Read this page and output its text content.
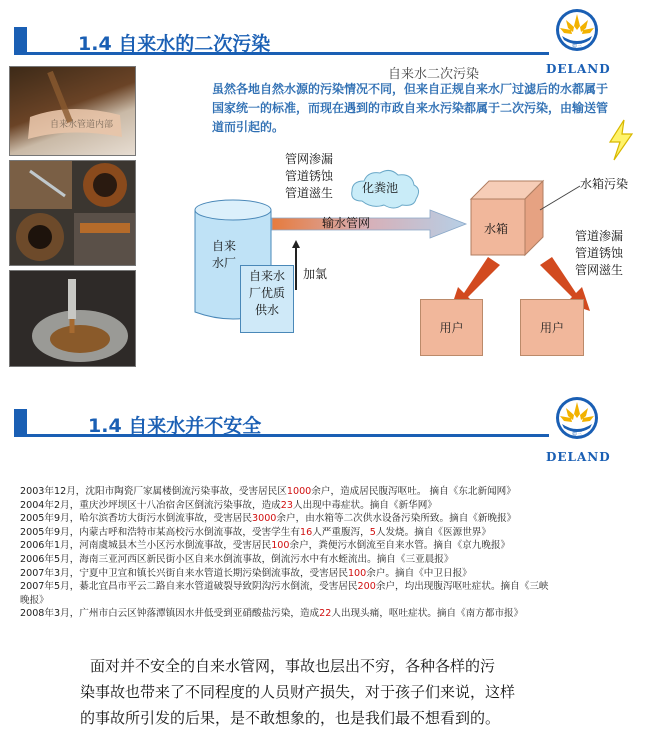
1.4 自来水的二次污染	德兰
DELAND
自来水管道内部
自来水二次污染
虽然各地自然水源的污染情况不同，但来自正规自来水厂过滤后的水都属于国家统一的标准，而现在遇到的市政自来水污染都属于二次污染，由输送管道而引起的。
管网渗漏
管道锈蚀
管道滋生 化粪池
自来
水厂
自来水
厂优质
供水
输水管网
加氯
水箱
水箱污染
管道渗漏
管道锈蚀
管网滋生
用户	用户
1.4 自来水并不安全	德兰
DELAND
2003年12月，沈阳市陶瓷厂家属楼倒流污染事故，受害居民区1000余户，造成居民腹泻呕吐。 摘自《东北新闻网》
2004年2月，重庆沙坪坝区十八冶宿舍区倒流污染事故，造成23人出现中毒症状。摘自《新华网》
2005年9月，哈尔滨香坊大街污水倒流事故，受害居民3000余户，由水箱等二次供水设备污染所致。摘自《新晚报》
2005年9月，内蒙古呼和浩特市某高校污水倒流事故，受害学生有16人严重腹泻，5人发烧。摘自《医源世界》
2006年1月，河南虞城县木兰小区污水倒流事故，受害居民100余户，粪便污水倒流至自来水管。摘自《京九晚报》
2006年5月，海南三亚河西区新民街小区自来水倒流事故，倒流污水中有水蛭流出。摘自《三亚晨报》
2007年3月，宁夏中卫宣和镇长兴街自来水管道长期污染倒流事故，受害居民100余户。摘自《中卫日报》
2007年5月，綦北宜昌市平云二路自来水管道破裂导致阴沟污水倒流，受害居民200余户，均出现腹泻呕吐症状。摘自《三峡
晚报》
2008年3月，广州市白云区钟落潭镇因水井低受到亚硝酸盐污染，造成22人出现头痛，呕吐症状。摘自《南方都市报》
面对并不安全的自来水管网，事故也层出不穷，各种各样的污
染事故也带来了不同程度的人员财产损失，对于孩子们来说，这样
的事故所引发的后果，是不敢想象的，也是我们最不想看到的。
